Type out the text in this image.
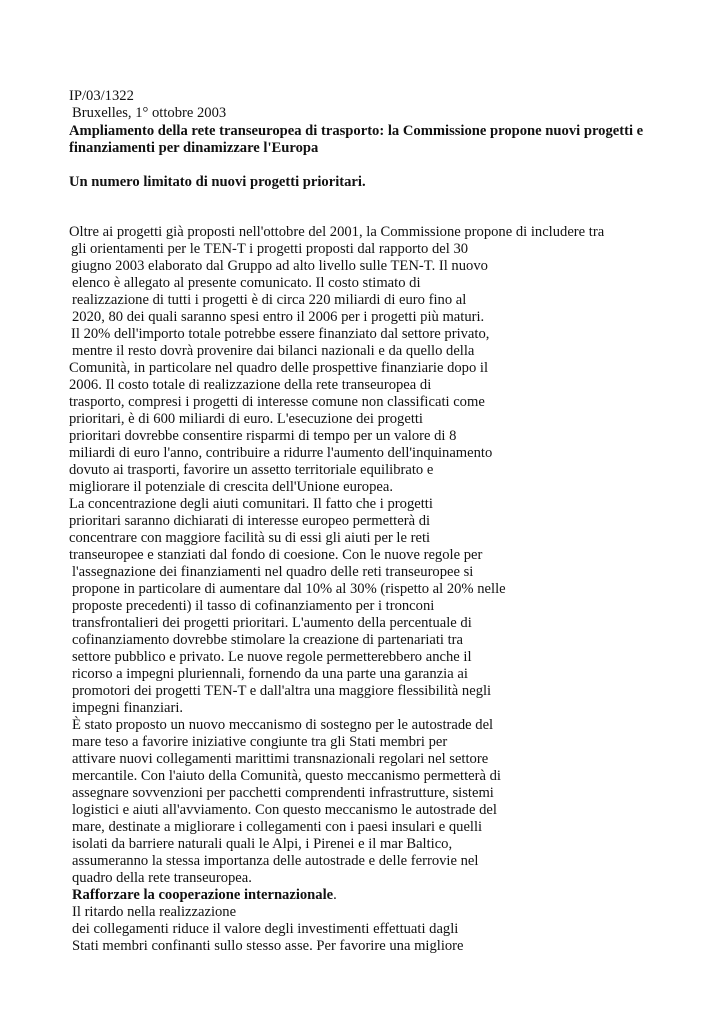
IP/03/1322
Bruxelles, 1° ottobre 2003
Ampliamento della rete transeuropea di trasporto: la Commissione propone nuovi progetti e
finanziamenti per dinamizzare l'Europa
Un numero limitato di nuovi progetti prioritari.
Oltre ai progetti già proposti nell'ottobre del 2001, la Commissione propone di includere tra
gli orientamenti per le TEN-T i progetti proposti dal rapporto del 30
giugno 2003 elaborato dal Gruppo ad alto livello sulle TEN-T. Il nuovo
elenco è allegato al presente comunicato. Il costo stimato di
realizzazione di tutti i progetti è di circa 220 miliardi di euro fino al
2020, 80 dei quali saranno spesi entro il 2006 per i progetti più maturi.
Il 20% dell'importo totale potrebbe essere finanziato dal settore privato,
mentre il resto dovrà provenire dai bilanci nazionali e da quello della
Comunità, in particolare nel quadro delle prospettive finanziarie dopo il
2006. Il costo totale di realizzazione della rete transeuropea di
trasporto, compresi i progetti di interesse comune non classificati come
prioritari, è di 600 miliardi di euro. L'esecuzione dei progetti
prioritari dovrebbe consentire risparmi di tempo per un valore di 8
miliardi di euro l'anno, contribuire a ridurre l'aumento dell'inquinamento
dovuto ai trasporti, favorire un assetto territoriale equilibrato e
migliorare il potenziale di crescita dell'Unione europea.
La concentrazione degli aiuti comunitari. Il fatto che i progetti
prioritari saranno dichiarati di interesse europeo permetterà di
concentrare con maggiore facilità su di essi gli aiuti per le reti
transeuropee e stanziati dal fondo di coesione. Con le nuove regole per
l'assegnazione dei finanziamenti nel quadro delle reti transeuropee si
propone in particolare di aumentare dal 10% al 30% (rispetto al 20% nelle
proposte precedenti) il tasso di cofinanziamento per i tronconi
transfrontalieri dei progetti prioritari. L'aumento della percentuale di
cofinanziamento dovrebbe stimolare la creazione di partenariati tra
settore pubblico e privato. Le nuove regole permetterebbero anche il
ricorso a impegni pluriennali, fornendo da una parte una garanzia ai
promotori dei progetti TEN-T e dall'altra una maggiore flessibilità negli
impegni finanziari.
È stato proposto un nuovo meccanismo di sostegno per le autostrade del
mare teso a favorire iniziative congiunte tra gli Stati membri per
attivare nuovi collegamenti marittimi transnazionali regolari nel settore
mercantile. Con l'aiuto della Comunità, questo meccanismo permetterà di
assegnare sovvenzioni per pacchetti comprendenti infrastrutture, sistemi
logistici e aiuti all'avviamento. Con questo meccanismo le autostrade del
mare, destinate a migliorare i collegamenti con i paesi insulari e quelli
isolati da barriere naturali quali le Alpi, i Pirenei e il mar Baltico,
assumeranno la stessa importanza delle autostrade e delle ferrovie nel
quadro della rete transeuropea.
Rafforzare la cooperazione internazionale.
Il ritardo nella realizzazione
dei collegamenti riduce il valore degli investimenti effettuati dagli
Stati membri confinanti sullo stesso asse. Per favorire una migliore
